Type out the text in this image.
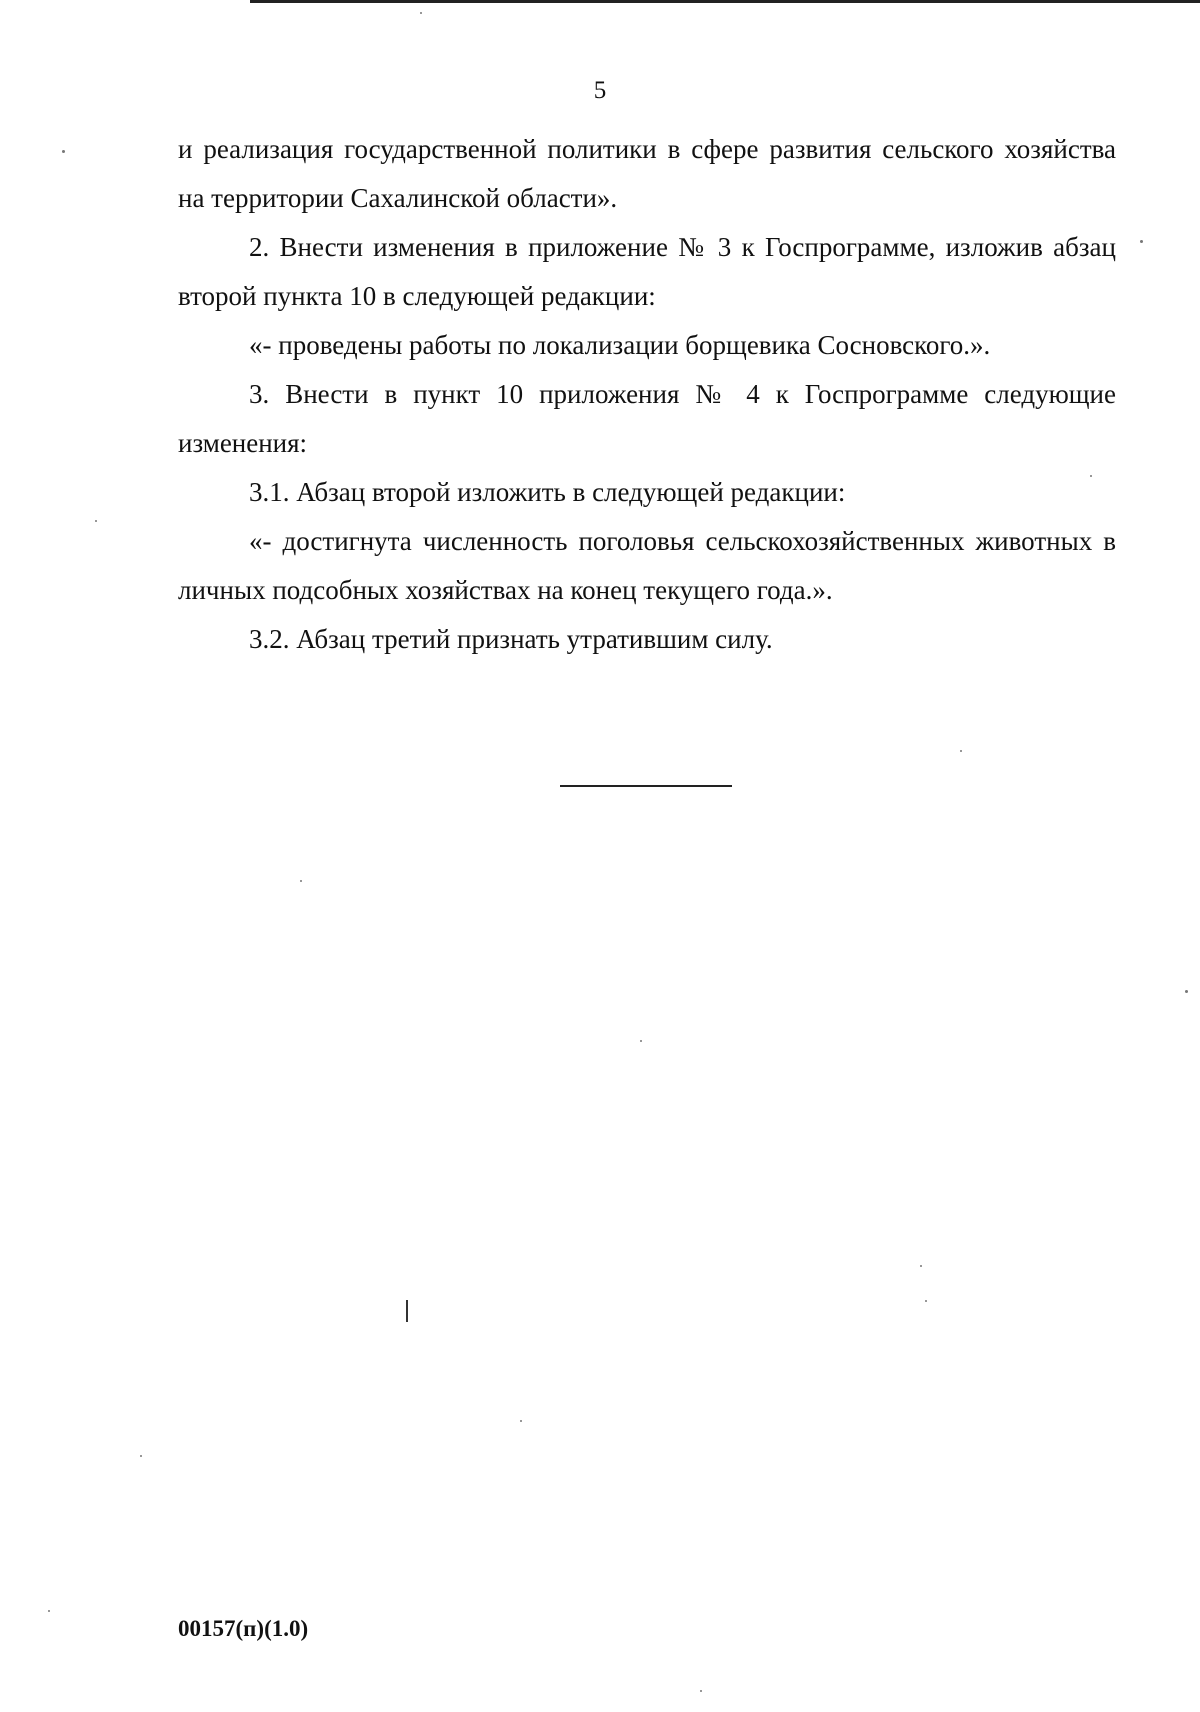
5

и реализация государственной политики в сфере развития сельского хозяйства на территории Сахалинской области».

2. Внести изменения в приложение № 3 к Госпрограмме, изложив абзац второй пункта 10 в следующей редакции:

«- проведены работы по локализации борщевика Сосновского.».

3. Внести в пункт 10 приложения № 4 к Госпрограмме следующие изменения:

3.1. Абзац второй изложить в следующей редакции:

«- достигнута численность поголовья сельскохозяйственных животных в личных подсобных хозяйствах на конец текущего года.».

3.2. Абзац третий признать утратившим силу.

00157(п)(1.0)
